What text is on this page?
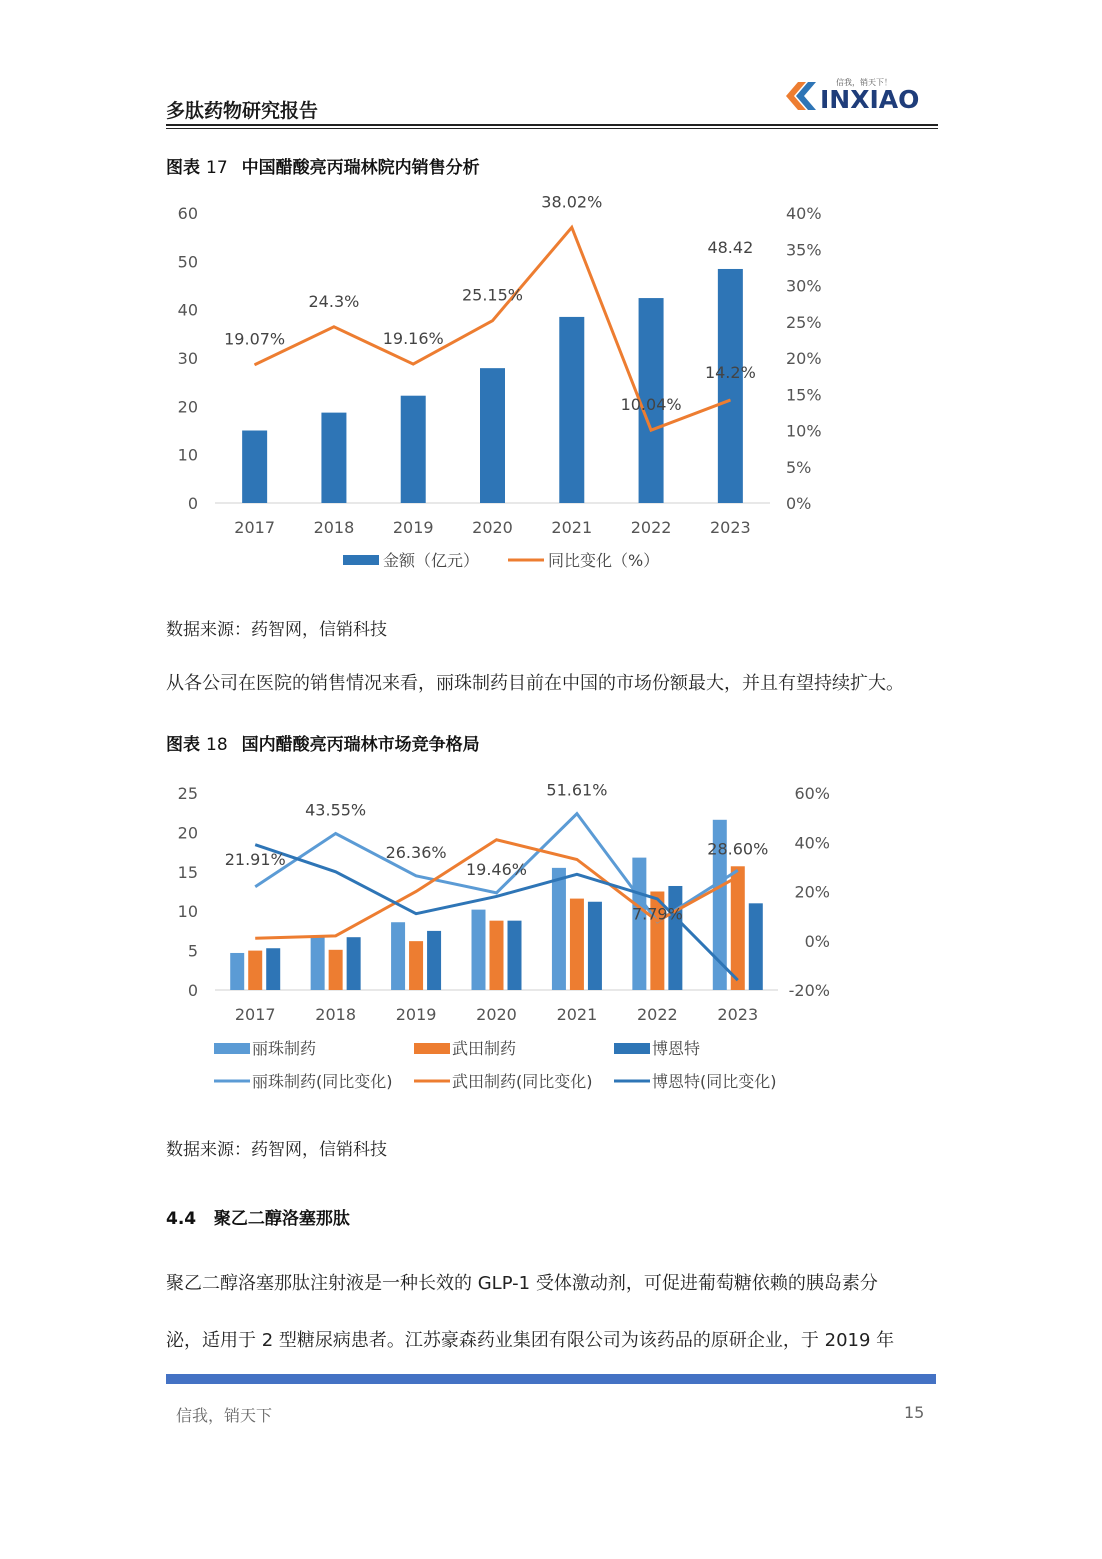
多肽药物研究报告	INXIAO
信我，销天下！
图表 17 中国醋酸亮丙瑞林院内销售分析
0
10
20
30
40
50
60
0%
5%
10%
15%
20%
25%
30%
35%
40%
2017 2018 2019 2020 2021 2022 2023
48.42
19.07%
24.3%
19.16%
25.15%
38.02%
10.04%
14.2%
金额（亿元）	同比变化（%）
数据来源：药智网，信销科技
从各公司在医院的销售情况来看，丽珠制药目前在中国的市场份额最大，并且有望持续扩大。
图表 18 国内醋酸亮丙瑞林市场竞争格局
0
5
10
15
20
25
-20%
0%
20%
40%
60%
2017 2018 2019 2020 2021 2022 2023
21.91%
43.55%
26.36%
19.46%
51.61%
7.79%
28.60%
丽珠制药	武田制药	博恩特
丽珠制药(同比变化)	武田制药(同比变化)	博恩特(同比变化)
数据来源：药智网，信销科技
4.4 聚乙二醇洛塞那肽
聚乙二醇洛塞那肽注射液是一种长效的 GLP-1 受体激动剂，可促进葡萄糖依赖的胰岛素分
泌，适用于 2 型糖尿病患者。江苏豪森药业集团有限公司为该药品的原研企业，于 2019 年
信我，销天下	15
